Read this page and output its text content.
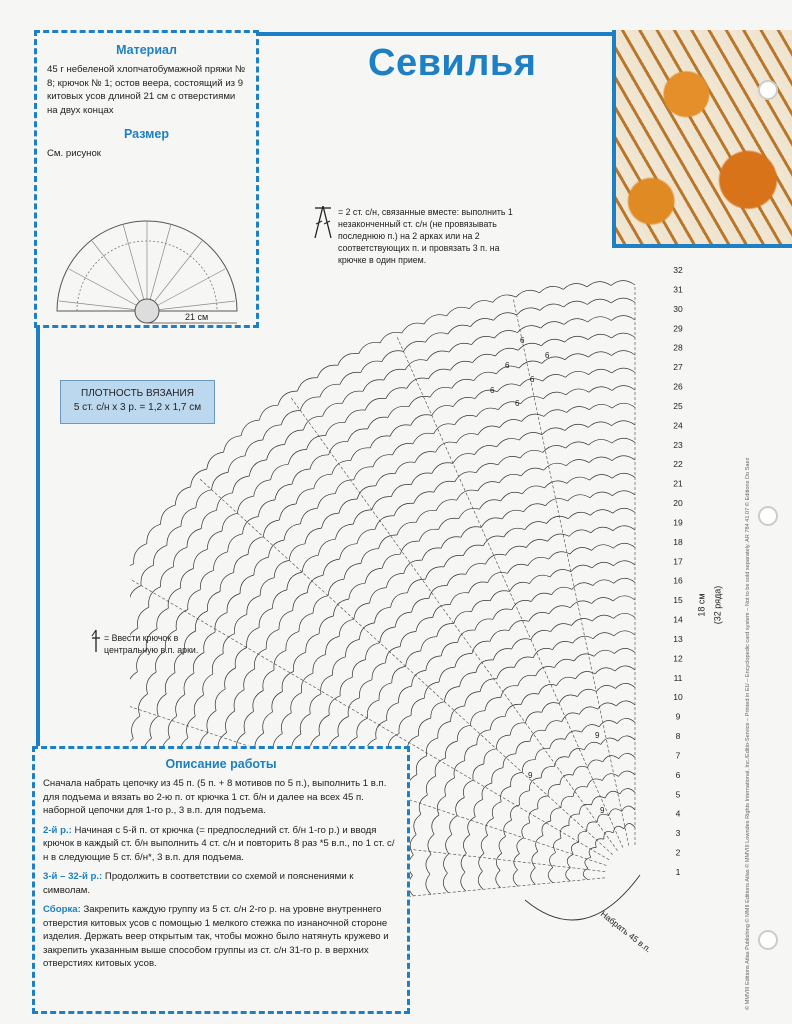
Севилья
Материал
45 г небеленой хлопчатобумажной пряжи № 8; крючок № 1; остов веера, состоящий из 9 китовых усов длиной 21 см с отверстиями на двух концах
Размер
См. рисунок
21 см
= 2 ст. с/н, связанные вместе: выполнить 1 незаконченный ст. с/н (не провязывать последнюю п.) на 2 арках или на 2 соответствующих п. и провязать 3 п. на крючке в один прием.
ПЛОТНОСТЬ ВЯЗАНИЯ
5 ст. с/н х 3 р. = 1,2 х 1,7 см
= Ввести крючок в центральную в.п. арки.
32
31
30
29
28
27
26
25
24
23
22
21
20
19
18
17
16
15
14
13
12
11
10
9
8
7
6
5
4
3
2
1
6
6
6
6
6
6
9
9
9
Набрать 45 в.п.
Описание работы

Сначала набрать цепочку из 45 п. (5 п. + 8 мотивов по 5 п.), выполнить 1 в.п. для подъема и вязать во 2-ю п. от крючка 1 ст. б/н и далее на всех 45 п. наборной цепочки для 1-го р., 3 в.п. для подъема.

2-й р.: Начиная с 5-й п. от крючка (= предпоследний ст. б/н 1-го р.) и вводя крючок в каждый ст. б/н выполнить 4 ст. с/н и повторить 8 раз *5 в.п., по 1 ст. с/н в следующие 5 ст. б/н*, 3 в.п. для подъема.

3-й – 32-й р.: Продолжить в соответствии со схемой и пояснениями к символам.

Сборка: Закрепить каждую группу из 5 ст. с/н 2-го р. на уровне внутреннего отверстия китовых усов с помощью 1 мелкого стежка по изнаночной стороне изделия. Держать веер открытым так, чтобы можно было натянуть кружево и закрепить указанным выше способом группы из ст. с/н 31-го р. в верхних отверстиях китовых усов.	© MMVIII Editions Atlas Publishing © MMII Editions Atlas © MMVIII Lowndes Rights International, Inc./Editio-Service – Printed in EU – Encyclopedic card system – Not to be sold separately. AR 784 41 07 © Editions Do Saez
18 см (32 ряда)
